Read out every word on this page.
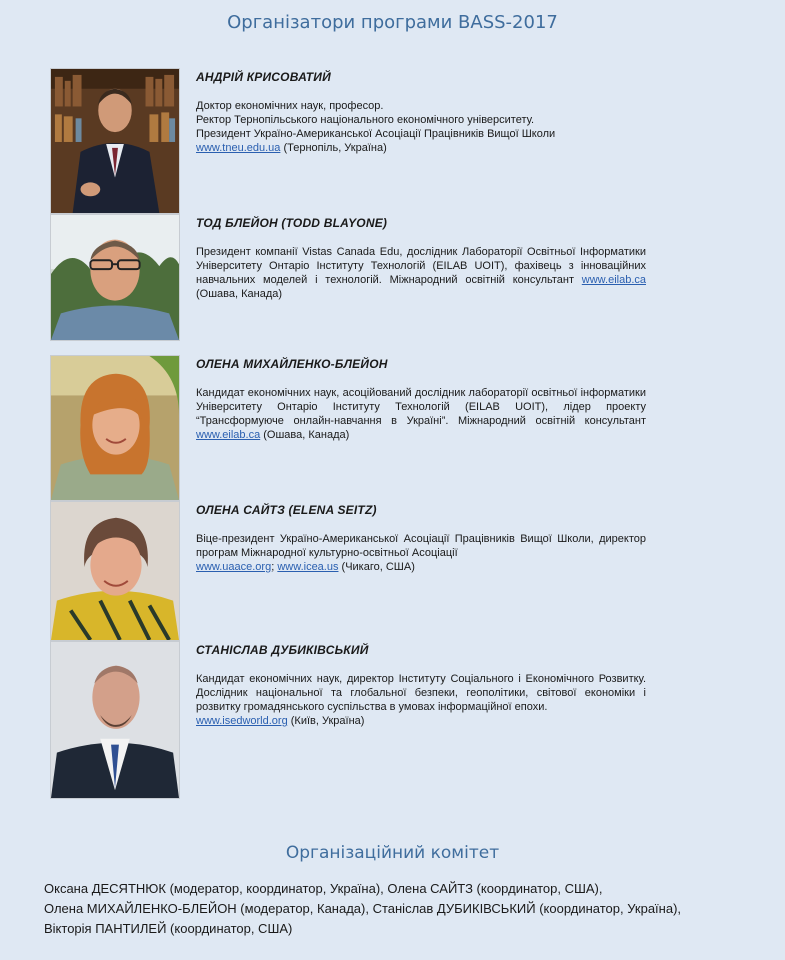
Організатори програми BASS-2017

АНДРІЙ КРИСОВАТИЙ

Доктор економічних наук, професор.
Ректор Тернопільського національного економічного університету.
Президент Україно-Американської Асоціації Працівників Вищої Школи
www.tneu.edu.ua (Тернопіль, Україна)

ТОД БЛЕЙОН (TODD BLAYONE)

Президент компанії Vistas Canada Edu, дослідник Лабораторії Освітньої Інформатики Університету Онтаріо Інституту Технологій (EILAB UOIT), фахівець з інноваційних навчальних моделей і технологій. Міжнародний освітній консультант www.eilab.ca (Ошава, Канада)

ОЛЕНА МИХАЙЛЕНКО-БЛЕЙОН

Кандидат економічних наук, асоційований дослідник лабораторії освітньої інформатики Університету Онтаріо Інституту Технологій (EILAB UOIT), лідер проекту “Трансформуюче онлайн-навчання в Україні”. Міжнародний освітній консультант www.eilab.ca (Ошава, Канада)

ОЛЕНА САЙТЗ (ELENA SEITZ)

Віце-президент Україно-Американської Асоціації Працівників Вищої Школи, директор програм Міжнародної культурно-освітньої Асоціації
www.uaace.org; www.icea.us (Чикаго, США)

СТАНІСЛАВ ДУБИКІВСЬКИЙ

Кандидат економічних наук, директор Інституту Соціального і Економічного Розвитку. Дослідник національної та глобальної безпеки, геополітики, світової економіки і розвитку громадянського суспільства в умовах інформаційної епохи.
www.isedworld.org (Київ, Україна)

Організаційний комітет

Оксана ДЕСЯТНЮК (модератор, координатор, Україна), Олена САЙТЗ (координатор, США),
Олена МИХАЙЛЕНКО-БЛЕЙОН (модератор, Канада), Станіслав ДУБИКІВСЬКИЙ (координатор, Україна),
Вікторія ПАНТИЛЕЙ (координатор, США)
